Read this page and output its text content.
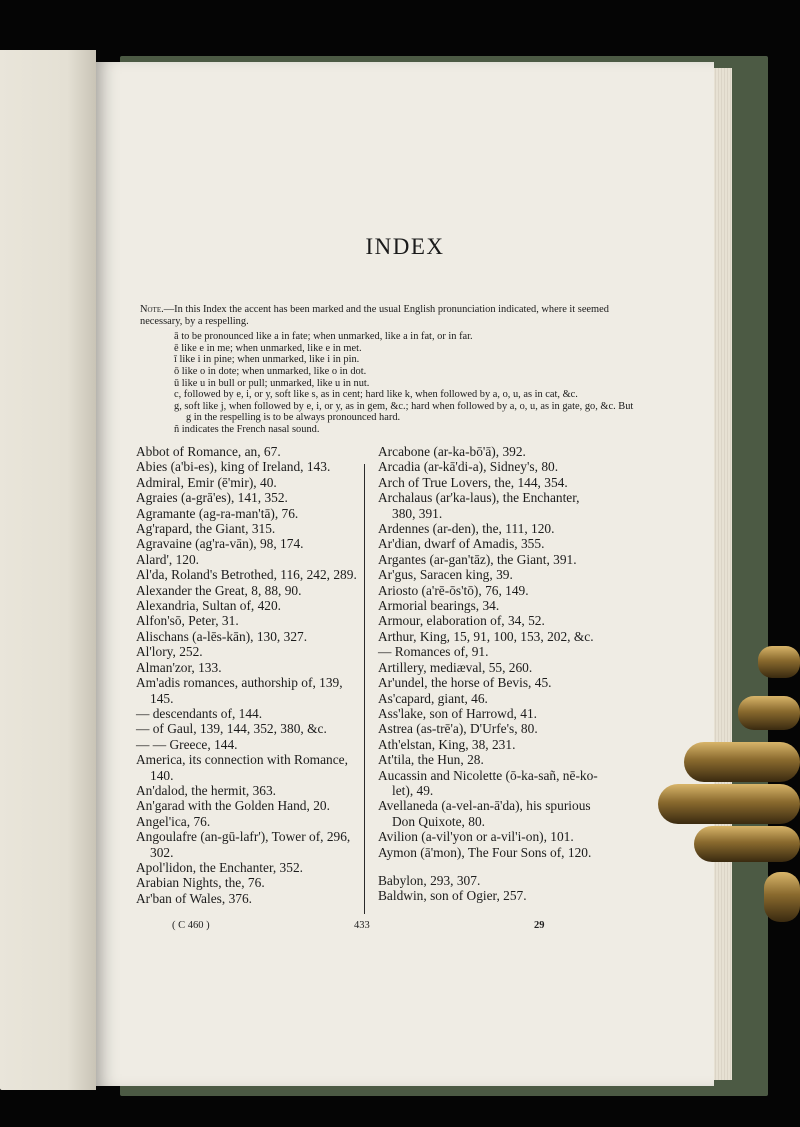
INDEX
Note.—In this Index the accent has been marked and the usual English pronunciation indicated, where it seemed necessary, by a respelling.
ā to be pronounced like a in fate; when unmarked, like a in fat, or in far.
ē like e in me; when unmarked, like e in met.
ī like i in pine; when unmarked, like i in pin.
ō like o in dote; when unmarked, like o in dot.
ū like u in bull or pull; unmarked, like u in nut.
c, followed by e, i, or y, soft like s, as in cent; hard like k, when followed by a, o, u, as in cat, &c.
g, soft like j, when followed by e, i, or y, as in gem, &c.; hard when followed by a, o, u, as in gate, go, &c. But g in the respelling is to be always pronounced hard.
ñ indicates the French nasal sound.
Abbot of Romance, an, 67.
Abies (a'bi-es), king of Ireland, 143.
Admiral, Emir (ē'mir), 40.
Agraies (a-grā'es), 141, 352.
Agramante (ag-ra-man'tā), 76.
Ag'rapard, the Giant, 315.
Agravaine (ag'ra-vān), 98, 174.
Alard', 120.
Al'da, Roland's Betrothed, 116, 242, 289.
Alexander the Great, 8, 88, 90.
Alexandria, Sultan of, 420.
Alfon'sō, Peter, 31.
Alischans (a-lēs-kān), 130, 327.
Al'lory, 252.
Alman'zor, 133.
Am'adis romances, authorship of, 139, 145.
— descendants of, 144.
— of Gaul, 139, 144, 352, 380, &c.
— — Greece, 144.
America, its connection with Romance, 140.
An'dalod, the hermit, 363.
An'garad with the Golden Hand, 20.
Angel'ica, 76.
Angoulafre (an-gū-lafr'), Tower of, 296, 302.
Apol'lidon, the Enchanter, 352.
Arabian Nights, the, 76.
Ar'ban of Wales, 376.
Arcabone (ar-ka-bō'ā), 392.
Arcadia (ar-kā'di-a), Sidney's, 80.
Arch of True Lovers, the, 144, 354.
Archalaus (ar'ka-laus), the Enchanter, 380, 391.
Ardennes (ar-den), the, 111, 120.
Ar'dian, dwarf of Amadis, 355.
Argantes (ar-gan'tāz), the Giant, 391.
Ar'gus, Saracen king, 39.
Ariosto (a'rē-ōs'tō), 76, 149.
Armorial bearings, 34.
Armour, elaboration of, 34, 52.
Arthur, King, 15, 91, 100, 153, 202, &c.
— Romances of, 91.
Artillery, mediæval, 55, 260.
Ar'undel, the horse of Bevis, 45.
As'capard, giant, 46.
Ass'lake, son of Harrowd, 41.
Astrea (as-trē'a), D'Urfe's, 80.
Ath'elstan, King, 38, 231.
At'tila, the Hun, 28.
Aucassin and Nicolette (ō-ka-sañ, nē-ko-let), 49.
Avellaneda (a-vel-an-ā'da), his spurious Don Quixote, 80.
Avilion (a-vil'yon or a-vil'i-on), 101.
Aymon (ā'mon), The Four Sons of, 120.
Babylon, 293, 307.
Baldwin, son of Ogier, 257.
( C 460 )	433	29
